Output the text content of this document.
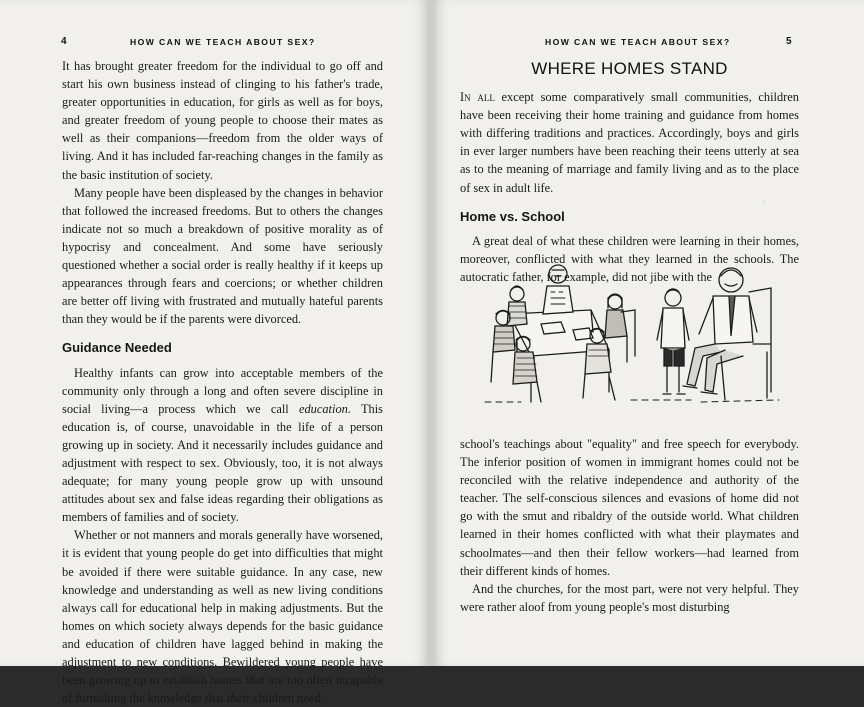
4	HOW CAN WE TEACH ABOUT SEX?

It has brought greater freedom for the individual to go off and start his own business instead of clinging to his father's trade, greater opportunities in education, for girls as well as for boys, and greater freedom of young people to choose their mates as well as their companions—freedom from the older ways of living. And it has included far-reaching changes in the family as the basic institution of society.

Many people have been displeased by the changes in behavior that followed the increased freedoms. But to others the changes indicate not so much a breakdown of positive morality as of hypocrisy and concealment. And some have seriously questioned whether a social order is really healthy if it keeps up appearances through fears and coercions; or whether children are better off living with frustrated and mutually hateful parents than they would be if the parents were divorced.

Guidance Needed

Healthy infants can grow into acceptable members of the community only through a long and often severe discipline in social living—a process which we call education. This education is, of course, unavoidable in the life of a person growing up in society. And it necessarily includes guidance and adjustment with respect to sex. Obviously, too, it is not always adequate; for many young people grow up with unsound attitudes about sex and false ideas regarding their obligations as members of families and of society.

Whether or not manners and morals generally have worsened, it is evident that young people do get into difficulties that might be avoided if there were suitable guidance. In any case, new knowledge and understanding as well as new living conditions always call for educational help in making adjustments. But the homes on which society always depends for the basic guidance and education of children have lagged behind in making the adjustment to new conditions. Bewildered young people have been growing up to establish homes that are too often incapable of furnishing the knowledge that their children need.

HOW CAN WE TEACH ABOUT SEX?	5
WHERE HOMES STAND

In all except some comparatively small communities, children have been receiving their home training and guidance from homes with differing traditions and practices. Accordingly, boys and girls in ever larger numbers have been reaching their teens utterly at sea as to the meaning of marriage and family living and as to the place of sex in adult life.

Home vs. School

A great deal of what these children were learning in their homes, moreover, conflicted with what they learned in the schools. The autocratic father, for example, did not jibe with the

school's teachings about "equality" and free speech for everybody. The inferior position of women in immigrant homes could not be reconciled with the relative independence and authority of the teacher. The self-conscious silences and evasions of home did not go with the smut and ribaldry of the outside world. What children learned in their homes conflicted with what their playmates and schoolmates—and then their fellow workers—had learned from their different kinds of homes.

And the churches, for the most part, were not very helpful. They were rather aloof from young people's most disturbing
